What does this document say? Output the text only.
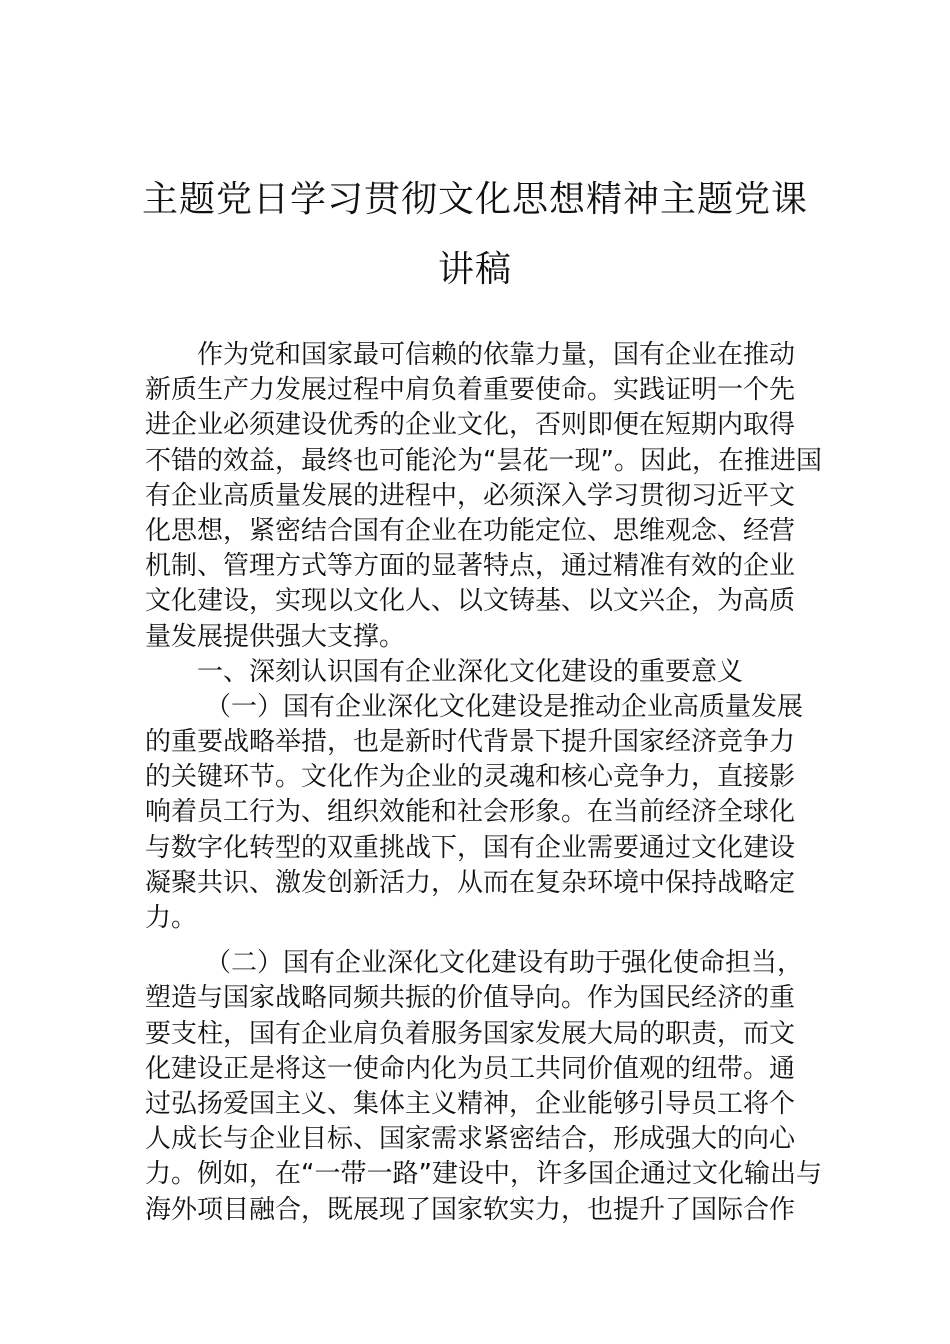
主题党日学习贯彻文化思想精神主题党课
讲稿
作为党和国家最可信赖的依靠力量，国有企业在推动
新质生产力发展过程中肩负着重要使命。实践证明一个先
进企业必须建设优秀的企业文化，否则即便在短期内取得
不错的效益，最终也可能沦为“昙花一现”。因此，在推进国
有企业高质量发展的进程中，必须深入学习贯彻习近平文
化思想，紧密结合国有企业在功能定位、思维观念、经营
机制、管理方式等方面的显著特点，通过精准有效的企业
文化建设，实现以文化人、以文铸基、以文兴企，为高质
量发展提供强大支撑。
一、深刻认识国有企业深化文化建设的重要意义
（一）国有企业深化文化建设是推动企业高质量发展
的重要战略举措，也是新时代背景下提升国家经济竞争力
的关键环节。文化作为企业的灵魂和核心竞争力，直接影
响着员工行为、组织效能和社会形象。在当前经济全球化
与数字化转型的双重挑战下，国有企业需要通过文化建设
凝聚共识、激发创新活力，从而在复杂环境中保持战略定
力。
（二）国有企业深化文化建设有助于强化使命担当，
塑造与国家战略同频共振的价值导向。作为国民经济的重
要支柱，国有企业肩负着服务国家发展大局的职责，而文
化建设正是将这一使命内化为员工共同价值观的纽带。通
过弘扬爱国主义、集体主义精神，企业能够引导员工将个
人成长与企业目标、国家需求紧密结合，形成强大的向心
力。例如，在“一带一路”建设中，许多国企通过文化输出与
海外项目融合，既展现了国家软实力，也提升了国际合作
